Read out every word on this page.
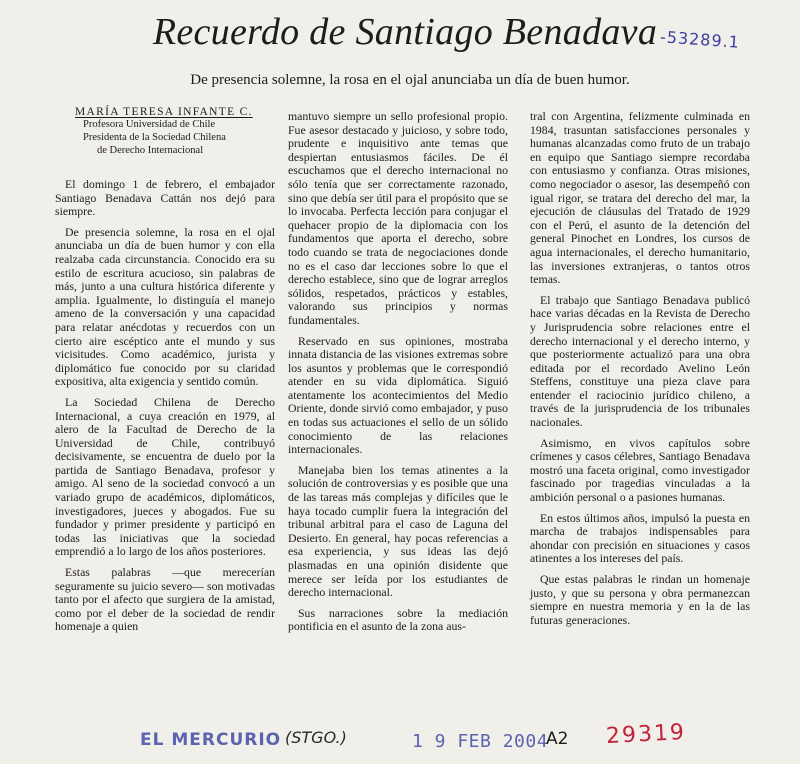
Recuerdo de Santiago Benadava -53289.1
De presencia solemne, la rosa en el ojal anunciaba un día de buen humor.
MARÍA TERESA INFANTE C.
Profesora Universidad de Chile
Presidenta de la Sociedad Chilena
de Derecho Internacional

El domingo 1 de febrero, el embajador Santiago Benadava Cattán nos dejó para siempre.

De presencia solemne, la rosa en el ojal anunciaba un día de buen humor y con ella realzaba cada circunstancia. Conocido era su estilo de escritura acucioso, sin palabras de más, junto a una cultura histórica diferente y amplia. Igualmente, lo distinguía el manejo ameno de la conversación y una capacidad para relatar anécdotas y recuerdos con un cierto aire escéptico ante el mundo y sus vicisitudes. Como académico, jurista y diplomático fue conocido por su claridad expositiva, alta exigencia y sentido común.

La Sociedad Chilena de Derecho Internacional, a cuya creación en 1979, al alero de la Facultad de Derecho de la Universidad de Chile, contribuyó decisivamente, se encuentra de duelo por la partida de Santiago Benadava, profesor y amigo. Al seno de la sociedad convocó a un variado grupo de académicos, diplomáticos, investigadores, jueces y abogados. Fue su fundador y primer presidente y participó en todas las iniciativas que la sociedad emprendió a lo largo de los años posteriores.

Estas palabras —que merecerían seguramente su juicio severo— son motivadas tanto por el afecto que surgiera de la amistad, como por el deber de la sociedad de rendir homenaje a quien

mantuvo siempre un sello profesional propio. Fue asesor destacado y juicioso, y sobre todo, prudente e inquisitivo ante temas que despiertan entusiasmos fáciles. De él escuchamos que el derecho internacional no sólo tenía que ser correctamente razonado, sino que debía ser útil para el propósito que se lo invocaba. Perfecta lección para conjugar el quehacer propio de la diplomacia con los fundamentos que aporta el derecho, sobre todo cuando se trata de negociaciones donde no es el caso dar lecciones sobre lo que el derecho establece, sino que de lograr arreglos sólidos, respetados, prácticos y estables, valorando sus principios y normas fundamentales.

Reservado en sus opiniones, mostraba innata distancia de las visiones extremas sobre los asuntos y problemas que le correspondió atender en su vida diplomática. Siguió atentamente los acontecimientos del Medio Oriente, donde sirvió como embajador, y puso en todas sus actuaciones el sello de un sólido conocimiento de las relaciones internacionales.

Manejaba bien los temas atinentes a la solución de controversias y es posible que una de las tareas más complejas y difíciles que le haya tocado cumplir fuera la integración del tribunal arbitral para el caso de Laguna del Desierto. En general, hay pocas referencias a esa experiencia, y sus ideas las dejó plasmadas en una opinión disidente que merece ser leída por los estudiantes de derecho internacional.

Sus narraciones sobre la mediación pontificia en el asunto de la zona aus-

tral con Argentina, felizmente culminada en 1984, trasuntan satisfacciones personales y humanas alcanzadas como fruto de un trabajo en equipo que Santiago siempre recordaba con entusiasmo y confianza. Otras misiones, como negociador o asesor, las desempeñó con igual rigor, se tratara del derecho del mar, la ejecución de cláusulas del Tratado de 1929 con el Perú, el asunto de la detención del general Pinochet en Londres, los cursos de agua internacionales, el derecho humanitario, las inversiones extranjeras, o tantos otros temas.

El trabajo que Santiago Benadava publicó hace varias décadas en la Revista de Derecho y Jurisprudencia sobre relaciones entre el derecho internacional y el derecho interno, y que posteriormente actualizó para una obra editada por el recordado Avelino León Steffens, constituye una pieza clave para entender el raciocinio jurídico chileno, a través de la jurisprudencia de los tribunales nacionales.

Asimismo, en vivos capítulos sobre crímenes y casos célebres, Santiago Benadava mostró una faceta original, como investigador fascinado por tragedias vinculadas a la ambición personal o a pasiones humanas.

En estos últimos años, impulsó la puesta en marcha de trabajos indispensables para ahondar con precisión en situaciones y casos atinentes a los intereses del país.

Que estas palabras le rindan un homenaje justo, y que su persona y obra permanezcan siempre en nuestra memoria y en la de las futuras generaciones.

EL MERCURIO (STGO.)	1 9 FEB 2004
A2 29319
